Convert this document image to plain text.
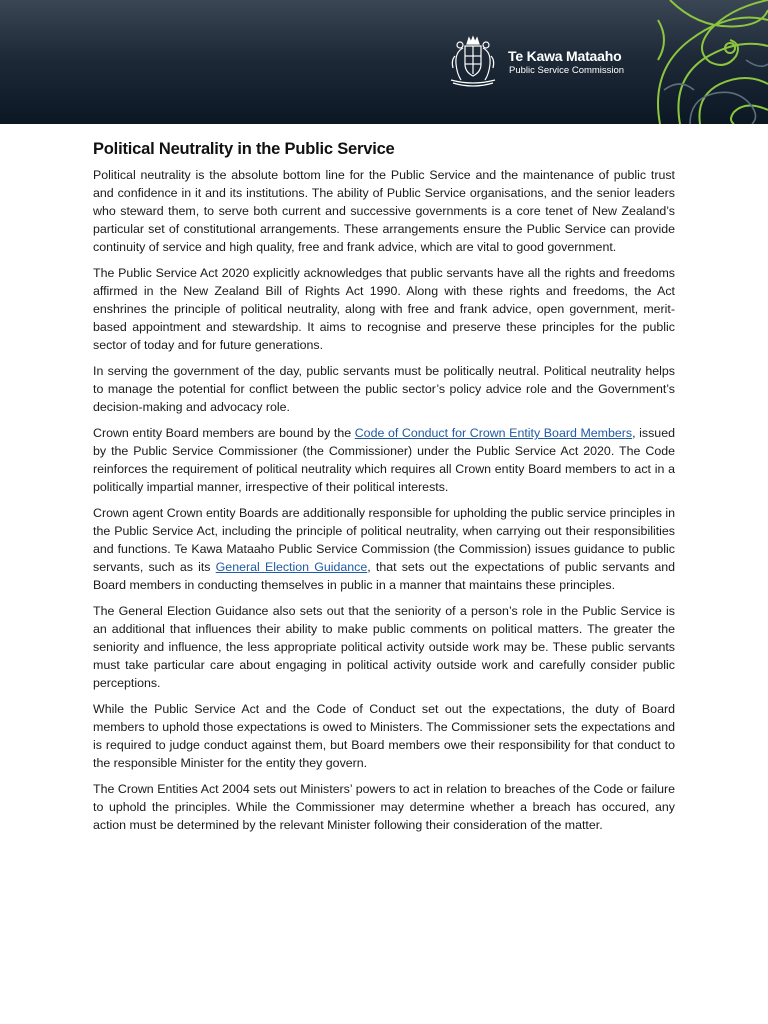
Te Kawa Mataaho
Public Service Commission
Political Neutrality in the Public Service

Political neutrality is the absolute bottom line for the Public Service and the maintenance of public trust and confidence in it and its institutions. The ability of Public Service organisations, and the senior leaders who steward them, to serve both current and successive governments is a core tenet of New Zealand’s particular set of constitutional arrangements. These arrangements ensure the Public Service can provide continuity of service and high quality, free and frank advice, which are vital to good government.

The Public Service Act 2020 explicitly acknowledges that public servants have all the rights and freedoms affirmed in the New Zealand Bill of Rights Act 1990. Along with these rights and freedoms, the Act enshrines the principle of political neutrality, along with free and frank advice, open government, merit-based appointment and stewardship. It aims to recognise and preserve these principles for the public sector of today and for future generations.

In serving the government of the day, public servants must be politically neutral. Political neutrality helps to manage the potential for conflict between the public sector’s policy advice role and the Government’s decision-making and advocacy role.

Crown entity Board members are bound by the Code of Conduct for Crown Entity Board Members, issued by the Public Service Commissioner (the Commissioner) under the Public Service Act 2020. The Code reinforces the requirement of political neutrality which requires all Crown entity Board members to act in a politically impartial manner, irrespective of their political interests.

Crown agent Crown entity Boards are additionally responsible for upholding the public service principles in the Public Service Act, including the principle of political neutrality, when carrying out their responsibilities and functions. Te Kawa Mataaho Public Service Commission (the Commission) issues guidance to public servants, such as its General Election Guidance, that sets out the expectations of public servants and Board members in conducting themselves in public in a manner that maintains these principles.

The General Election Guidance also sets out that the seniority of a person’s role in the Public Service is an additional that influences their ability to make public comments on political matters. The greater the seniority and influence, the less appropriate political activity outside work may be. These public servants must take particular care about engaging in political activity outside work and carefully consider public perceptions.

While the Public Service Act and the Code of Conduct set out the expectations, the duty of Board members to uphold those expectations is owed to Ministers. The Commissioner sets the expectations and is required to judge conduct against them, but Board members owe their responsibility for that conduct to the responsible Minister for the entity they govern.

The Crown Entities Act 2004 sets out Ministers’ powers to act in relation to breaches of the Code or failure to uphold the principles. While the Commissioner may determine whether a breach has occured, any action must be determined by the relevant Minister following their consideration of the matter.
